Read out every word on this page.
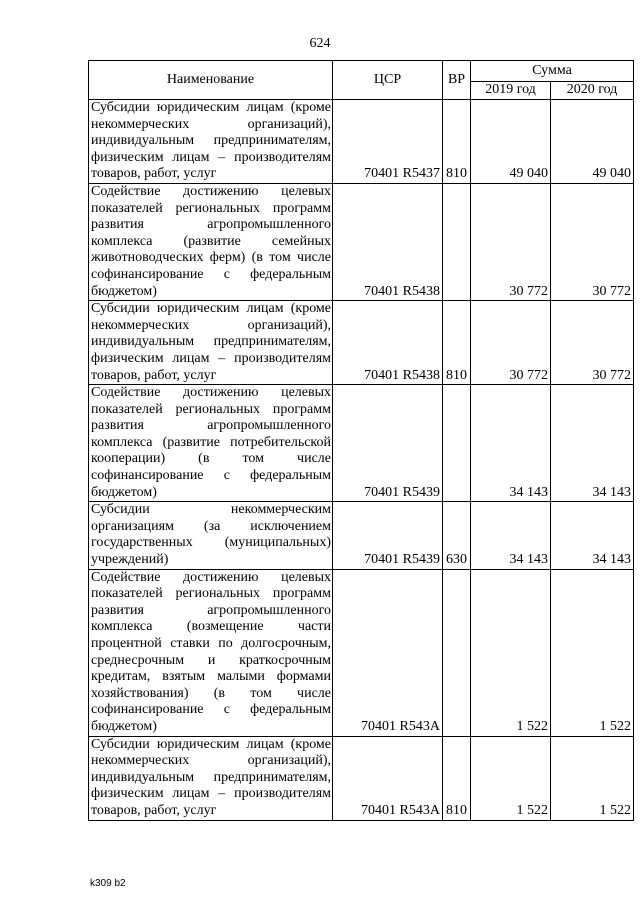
624
Наименование	ЦСР	ВР	Сумма	
			2019 год	2020 год
Субсидии юридическим лицам (кроме некоммерческих организаций), индивидуальным предпринимателям, физическим лицам – производителям товаров, работ, услуг	70401 R5437	810	49 040	49 040
Содействие достижению целевых показателей региональных программ развития агропромышленного комплекса (развитие семейных животноводческих ферм) (в том числе софинансирование с федеральным бюджетом)	70401 R5438		30 772	30 772
Субсидии юридическим лицам (кроме некоммерческих организаций), индивидуальным предпринимателям, физическим лицам – производителям товаров, работ, услуг	70401 R5438	810	30 772	30 772
Содействие достижению целевых показателей региональных программ развития агропромышленного комплекса (развитие потребительской кооперации) (в том числе софинансирование с федеральным бюджетом)	70401 R5439		34 143	34 143
Субсидии некоммерческим организациям (за исключением государственных (муниципальных) учреждений)	70401 R5439	630	34 143	34 143
Содействие достижению целевых показателей региональных программ развития агропромышленного комплекса (возмещение части процентной ставки по долгосрочным, среднесрочным и краткосрочным кредитам, взятым малыми формами хозяйствования) (в том числе софинансирование с федеральным бюджетом)	70401 R543А		1 522	1 522
Субсидии юридическим лицам (кроме некоммерческих организаций), индивидуальным предпринимателям, физическим лицам – производителям товаров, работ, услуг	70401 R543А	810	1 522	1 522
k309 b2
